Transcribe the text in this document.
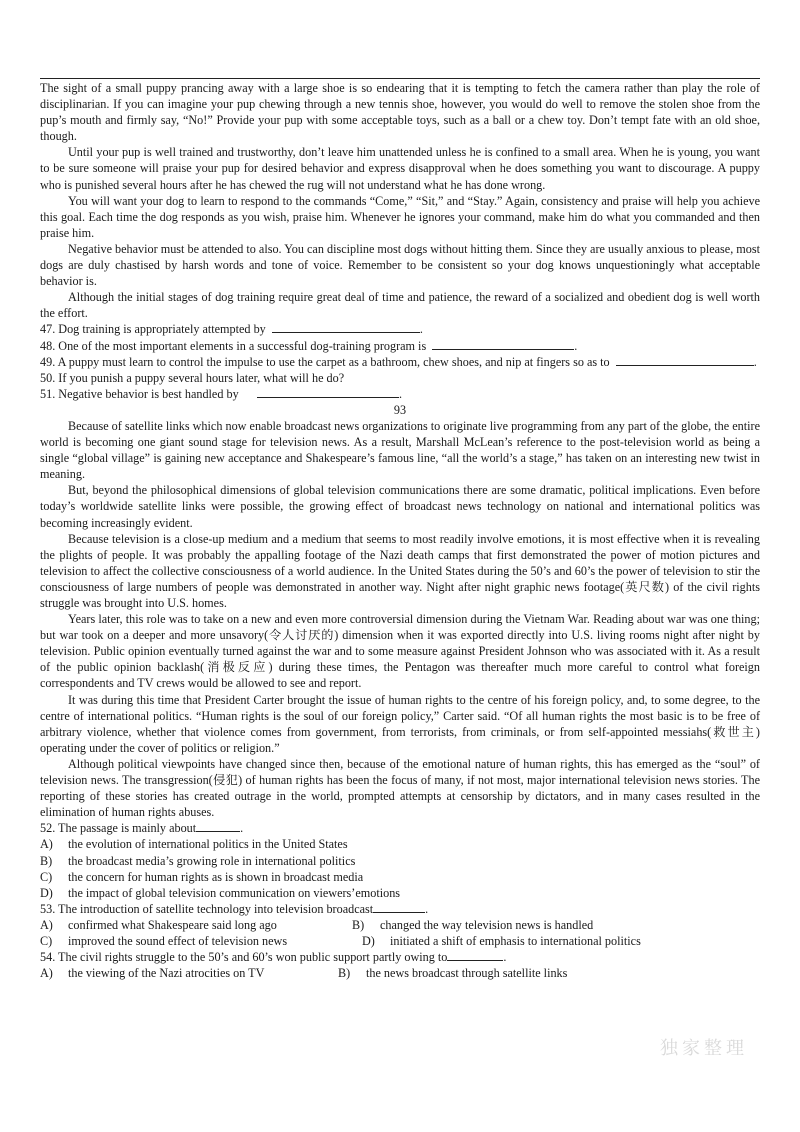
The sight of a small puppy prancing away with a large shoe is so endearing that it is tempting to fetch the camera rather than play the role of disciplinarian. If you can imagine your pup chewing through a new tennis shoe, however, you would do well to remove the stolen shoe from the pup’s mouth and firmly say, “No!” Provide your pup with some acceptable toys, such as a ball or a chew toy. Don’t tempt fate with an old shoe, though.

Until your pup is well trained and trustworthy, don’t leave him unattended unless he is confined to a small area. When he is young, you want to be sure someone will praise your pup for desired behavior and express disapproval when he does something you want to discourage. A puppy who is punished several hours after he has chewed the rug will not understand what he has done wrong.

You will want your dog to learn to respond to the commands “Come,” “Sit,” and “Stay.” Again, consistency and praise will help you achieve this goal. Each time the dog responds as you wish, praise him. Whenever he ignores your command, make him do what you commanded and then praise him.

Negative behavior must be attended to also. You can discipline most dogs without hitting them. Since they are usually anxious to please, most dogs are duly chastised by harsh words and tone of voice. Remember to be consistent so your dog knows unquestioningly what acceptable behavior is.

Although the initial stages of dog training require great deal of time and patience, the reward of a socialized and obedient dog is well worth the effort.

47. Dog training is appropriately attempted by	.

48. One of the most important elements in a successful dog-training program is	.

49. A puppy must learn to control the impulse to use the carpet as a bathroom, chew shoes, and nip at fingers so as to	.

50. If you punish a puppy several hours later, what will he do?

51. Negative behavior is best handled by	.

93

Because of satellite links which now enable broadcast news organizations to originate live programming from any part of the globe, the entire world is becoming one giant sound stage for television news. As a result, Marshall McLean’s reference to the post-television world as being a single “global village” is gaining new acceptance and Shakespeare’s famous line, “all the world’s a stage,” has taken on an interesting new twist in meaning.

But, beyond the philosophical dimensions of global television communications there are some dramatic, political implications. Even before today’s worldwide satellite links were possible, the growing effect of broadcast news technology on national and international politics was becoming increasingly evident.

Because television is a close-up medium and a medium that seems to most readily involve emotions, it is most effective when it is revealing the plights of people. It was probably the appalling footage of the Nazi death camps that first demonstrated the power of motion pictures and television to affect the collective consciousness of a world audience. In the United States during the 50’s and 60’s the power of television to stir the consciousness of large numbers of people was demonstrated in another way. Night after night graphic news footage(英尺数) of the civil rights struggle was brought into U.S. homes.

Years later, this role was to take on a new and even more controversial dimension during the Vietnam War. Reading about war was one thing; but war took on a deeper and more unsavory(令人讨厌的) dimension when it was exported directly into U.S. living rooms night after night by television. Public opinion eventually turned against the war and to some measure against President Johnson who was associated with it. As a result of the public opinion backlash(消极反应) during these times, the Pentagon was thereafter much more careful to control what foreign correspondents and TV crews would be allowed to see and report.

It was during this time that President Carter brought the issue of human rights to the centre of his foreign policy, and, to some degree, to the centre of international politics. “Human rights is the soul of our foreign policy,” Carter said. “Of all human rights the most basic is to be free of arbitrary violence, whether that violence comes from government, from terrorists, from criminals, or from self-appointed messiahs(救世主) operating under the cover of politics or religion.”

Although political viewpoints have changed since then, because of the emotional nature of human rights, this has emerged as the “soul” of television news. The transgression(侵犯) of human rights has been the focus of many, if not most, major international television news stories. The reporting of these stories has created outrage in the world, prompted attempts at censorship by dictators, and in many cases resulted in the elimination of human rights abuses.

52. The passage is mainly about	.

A)	the evolution of international politics in the United States
B)	the broadcast media’s growing role in international politics
C)	the concern for human rights as is shown in broadcast media
D)	the impact of global television communication on viewers’emotions

53. The introduction of satellite technology into television broadcast	.

A)	confirmed what Shakespeare said long ago	B)	changed the way television news is handled
C)	improved the sound effect of television news	D)	initiated a shift of emphasis to international politics

54. The civil rights struggle to the 50’s and 60’s won public support partly owing to	.

A)	the viewing of the Nazi atrocities on TV	B)	the news broadcast through satellite links
独家整理
